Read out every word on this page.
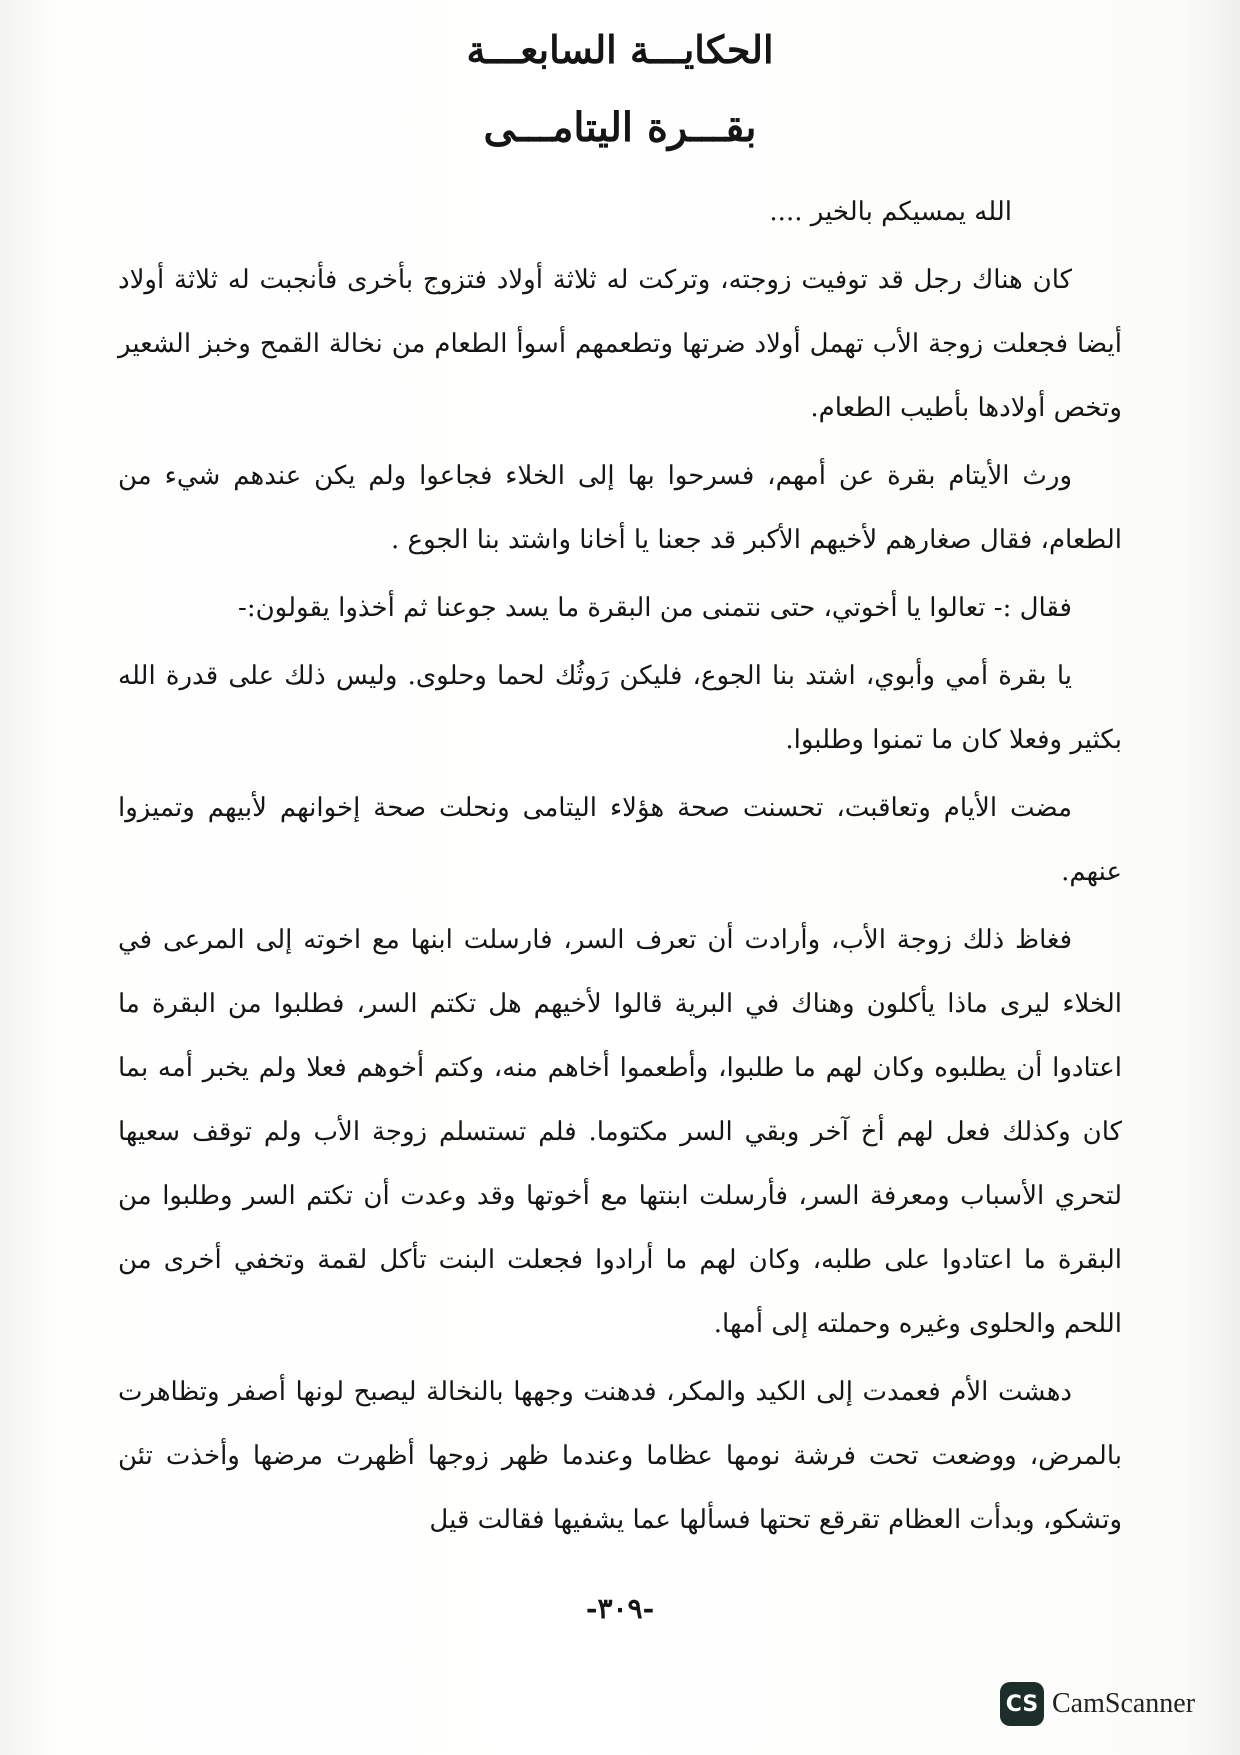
الحكايـــة السابعـــة
بقـــرة اليتامـــى

الله يمسيكم بالخير ....

كان هناك رجل قد توفيت زوجته، وتركت له ثلاثة أولاد فتزوج بأخرى فأنجبت له ثلاثة أولاد أيضا فجعلت زوجة الأب تهمل أولاد ضرتها وتطعمهم أسوأ الطعام من نخالة القمح وخبز الشعير وتخص أولادها بأطيب الطعام.

ورث الأيتام بقرة عن أمهم، فسرحوا بها إلى الخلاء فجاعوا ولم يكن عندهم شيء من الطعام، فقال صغارهم لأخيهم الأكبر قد جعنا يا أخانا واشتد بنا الجوع .

فقال :- تعالوا يا أخوتي، حتى نتمنى من البقرة ما يسد جوعنا ثم أخذوا يقولون:-

يا بقرة أمي وأبوي، اشتد بنا الجوع، فليكن رَوثُك لحما وحلوى. وليس ذلك على قدرة الله بكثير وفعلا كان ما تمنوا وطلبوا.

مضت الأيام وتعاقبت، تحسنت صحة هؤلاء اليتامى ونحلت صحة إخوانهم لأبيهم وتميزوا عنهم.

فغاظ ذلك زوجة الأب، وأرادت أن تعرف السر، فارسلت ابنها مع اخوته إلى المرعى في الخلاء ليرى ماذا يأكلون وهناك في البرية قالوا لأخيهم هل تكتم السر، فطلبوا من البقرة ما اعتادوا أن يطلبوه وكان لهم ما طلبوا، وأطعموا أخاهم منه، وكتم أخوهم فعلا ولم يخبر أمه بما كان وكذلك فعل لهم أخ آخر وبقي السر مكتوما. فلم تستسلم زوجة الأب ولم توقف سعيها لتحري الأسباب ومعرفة السر، فأرسلت ابنتها مع أخوتها وقد وعدت أن تكتم السر وطلبوا من البقرة ما اعتادوا على طلبه، وكان لهم ما أرادوا فجعلت البنت تأكل لقمة وتخفي أخرى من اللحم والحلوى وغيره وحملته إلى أمها.

دهشت الأم فعمدت إلى الكيد والمكر، فدهنت وجهها بالنخالة ليصبح لونها أصفر وتظاهرت بالمرض، ووضعت تحت فرشة نومها عظاما وعندما ظهر زوجها أظهرت مرضها وأخذت تئن وتشكو، وبدأت العظام تقرقع تحتها فسألها عما يشفيها فقالت قيل

-٣٠٩-
CS CamScanner
